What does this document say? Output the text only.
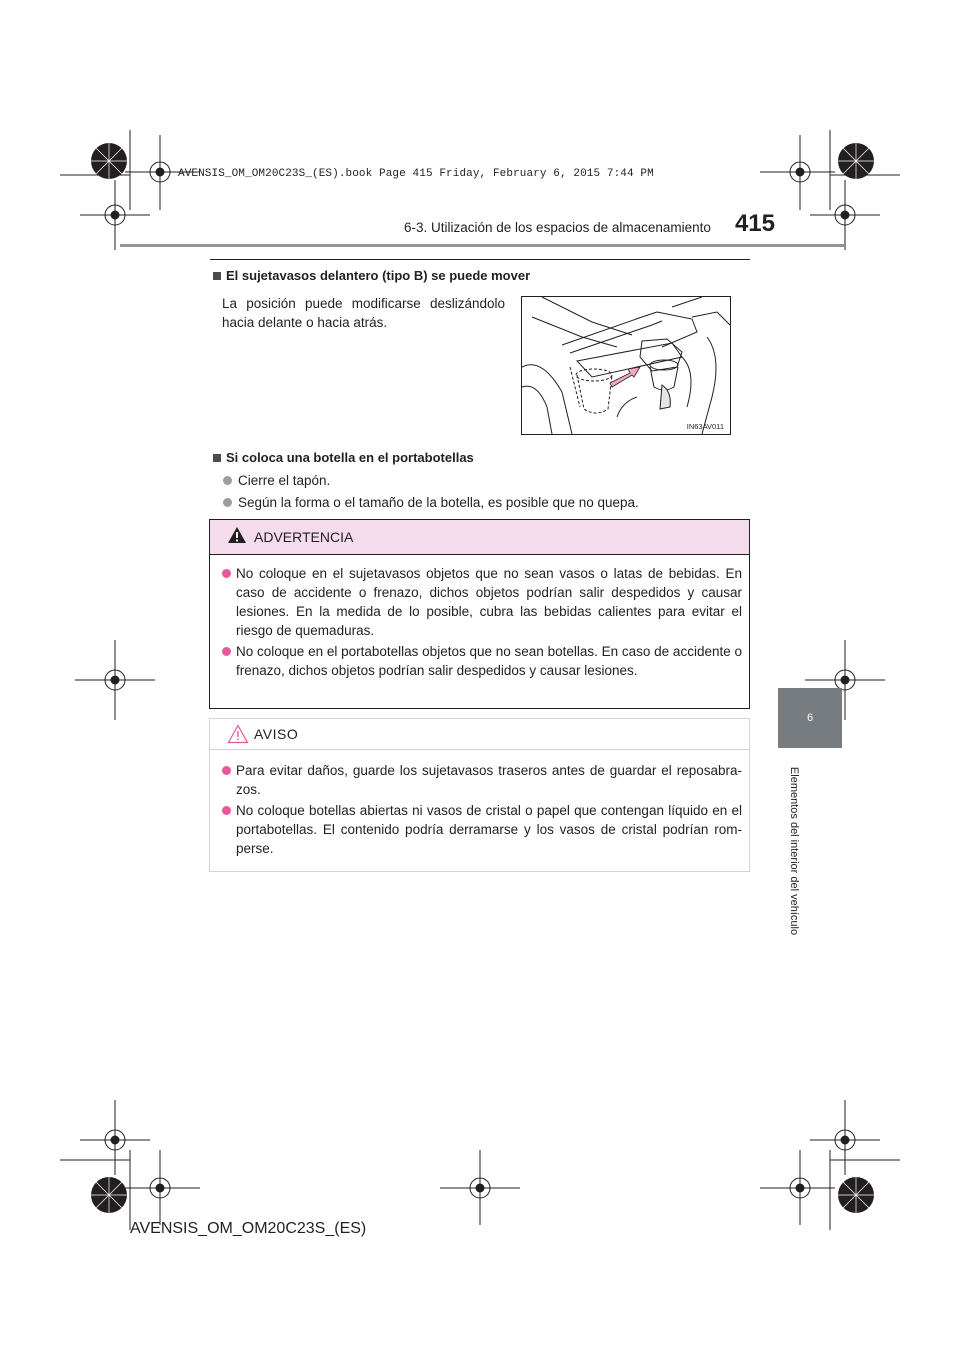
AVENSIS_OM_OM20C23S_(ES).book Page 415 Friday, February 6, 2015 7:44 PM
6-3. Utilización de los espacios de almacenamiento	415
6
Elementos del interior del vehículo
El sujetavasos delantero (tipo B) se puede mover
La posición puede modificarse deslizándolo hacia delante o hacia atrás.
IN63AV011
Si coloca una botella en el portabotellas
Cierre el tapón.
Según la forma o el tamaño de la botella, es posible que no quepa.
ADVERTENCIA
No coloque en el sujetavasos objetos que no sean vasos o latas de bebidas. En caso de accidente o frenazo, dichos objetos podrían salir despedidos y causar lesiones. En la medida de lo posible, cubra las bebidas calientes para evitar el riesgo de quemaduras.
No coloque en el portabotellas objetos que no sean botellas. En caso de accidente o frenazo, dichos objetos podrían salir despedidos y causar lesiones.
AVISO
Para evitar daños, guarde los sujetavasos traseros antes de guardar el reposabra-zos.
No coloque botellas abiertas ni vasos de cristal o papel que contengan líquido en el portabotellas. El contenido podría derramarse y los vasos de cristal podrían rom-perse.
AVENSIS_OM_OM20C23S_(ES)
